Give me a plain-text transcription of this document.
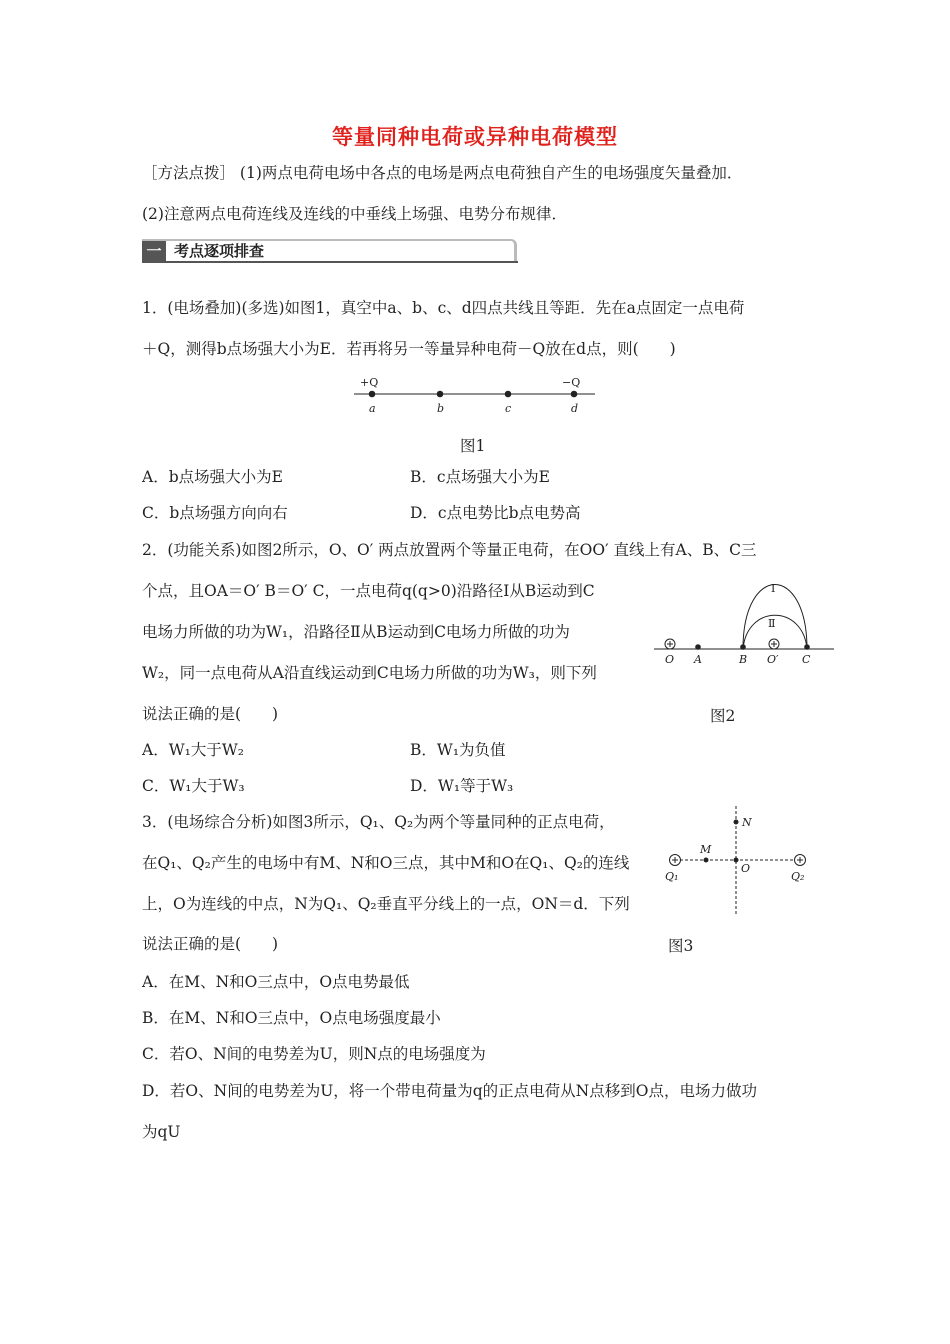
等量同种电荷或异种电荷模型
［方法点拨］ (1)两点电荷电场中各点的电场是两点电荷独自产生的电场强度矢量叠加．
(2)注意两点电荷连线及连线的中垂线上场强、电势分布规律．
一 考点逐项排查
1．(电场叠加)(多选)如图1，真空中a、b、c、d四点共线且等距．先在a点固定一点电荷
＋Q，测得b点场强大小为E．若再将另一等量异种电荷－Q放在d点，则(　　)
+Q	−Q
a	b	c	d
图1
A．b点场强大小为E	B．c点场强大小为E
C．b点场强方向向右	D．c点电势比b点电势高
2．(功能关系)如图2所示，O、O′ 两点放置两个等量正电荷，在OO′ 直线上有A、B、C三
个点，且OA＝O′ B＝O′ C，一点电荷q(q>0)沿路径Ⅰ从B运动到C
电场力所做的功为W₁，沿路径Ⅱ从B运动到C电场力所做的功为
W₂，同一点电荷从A沿直线运动到C电场力所做的功为W₃，则下列
说法正确的是(　　)
Ⅰ
Ⅱ
O A	B O′ C
图2
A．W₁大于W₂	B．W₁为负值
C．W₁大于W₃	D．W₁等于W₃
3．(电场综合分析)如图3所示，Q₁、Q₂为两个等量同种的正点电荷，
在Q₁、Q₂产生的电场中有M、N和O三点，其中M和O在Q₁、Q₂的连线
上，O为连线的中点，N为Q₁、Q₂垂直平分线上的一点，ON＝d．下列
说法正确的是(　　)
N
M
O
Q₁	Q₂
图3
A．在M、N和O三点中，O点电势最低
B．在M、N和O三点中，O点电场强度最小
C．若O、N间的电势差为U，则N点的电场强度为
D．若O、N间的电势差为U，将一个带电荷量为q的正点电荷从N点移到O点，电场力做功
为qU
